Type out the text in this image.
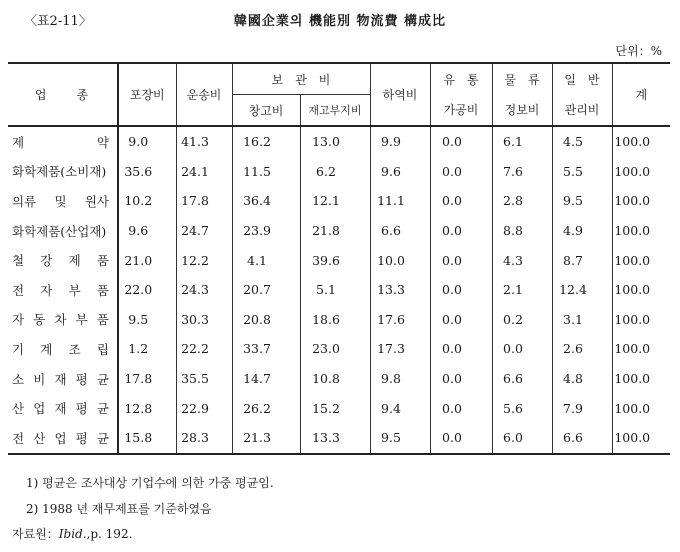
〈표2-11〉	韓國企業의 機能別 物流費 構成比
단위：%
업　　종	포장비	운송비	보　관　비		하역비	유　통	물　류	일　반	계
			창고비	재고부지비		가공비	정보비	관리비	

제　　　약	9.0	41.3	16.2	13.0	9.9	0.0	6.1	4.5	100.0

화학제품(소비재)	35.6	24.1	11.5	6.2	9.6	0.0	7.6	5.5	100.0

의류 및 원사	10.2	17.8	36.4	12.1	11.1	0.0	2.8	9.5	100.0

화학제품(산업재)	9.6	24.7	23.9	21.8	6.6	0.0	8.8	4.9	100.0

철 강 제 품	21.0	12.2	4.1	39.6	10.0	0.0	4.3	8.7	100.0

전 자 부 품	22.0	24.3	20.7	5.1	13.3	0.0	2.1	12.4	100.0

자 동 차 부 품	9.5	30.3	20.8	18.6	17.6	0.0	0.2	3.1	100.0

기 계 조 립	1.2	22.2	33.7	23.0	17.3	0.0	0.0	2.6	100.0

소 비 재 평 균	17.8	35.5	14.7	10.8	9.8	0.0	6.6	4.8	100.0

산 업 재 평 균	12.8	22.9	26.2	15.2	9.4	0.0	5.6	7.9	100.0

전 산 업 평 균	15.8	28.3	21.3	13.3	9.5	0.0	6.0	6.6	100.0
1) 평균은 조사대상 기업수에 의한 가중 평균임.
2) 1988 년 재무제표를 기준하였음
자료원：Ibid.,p. 192.
